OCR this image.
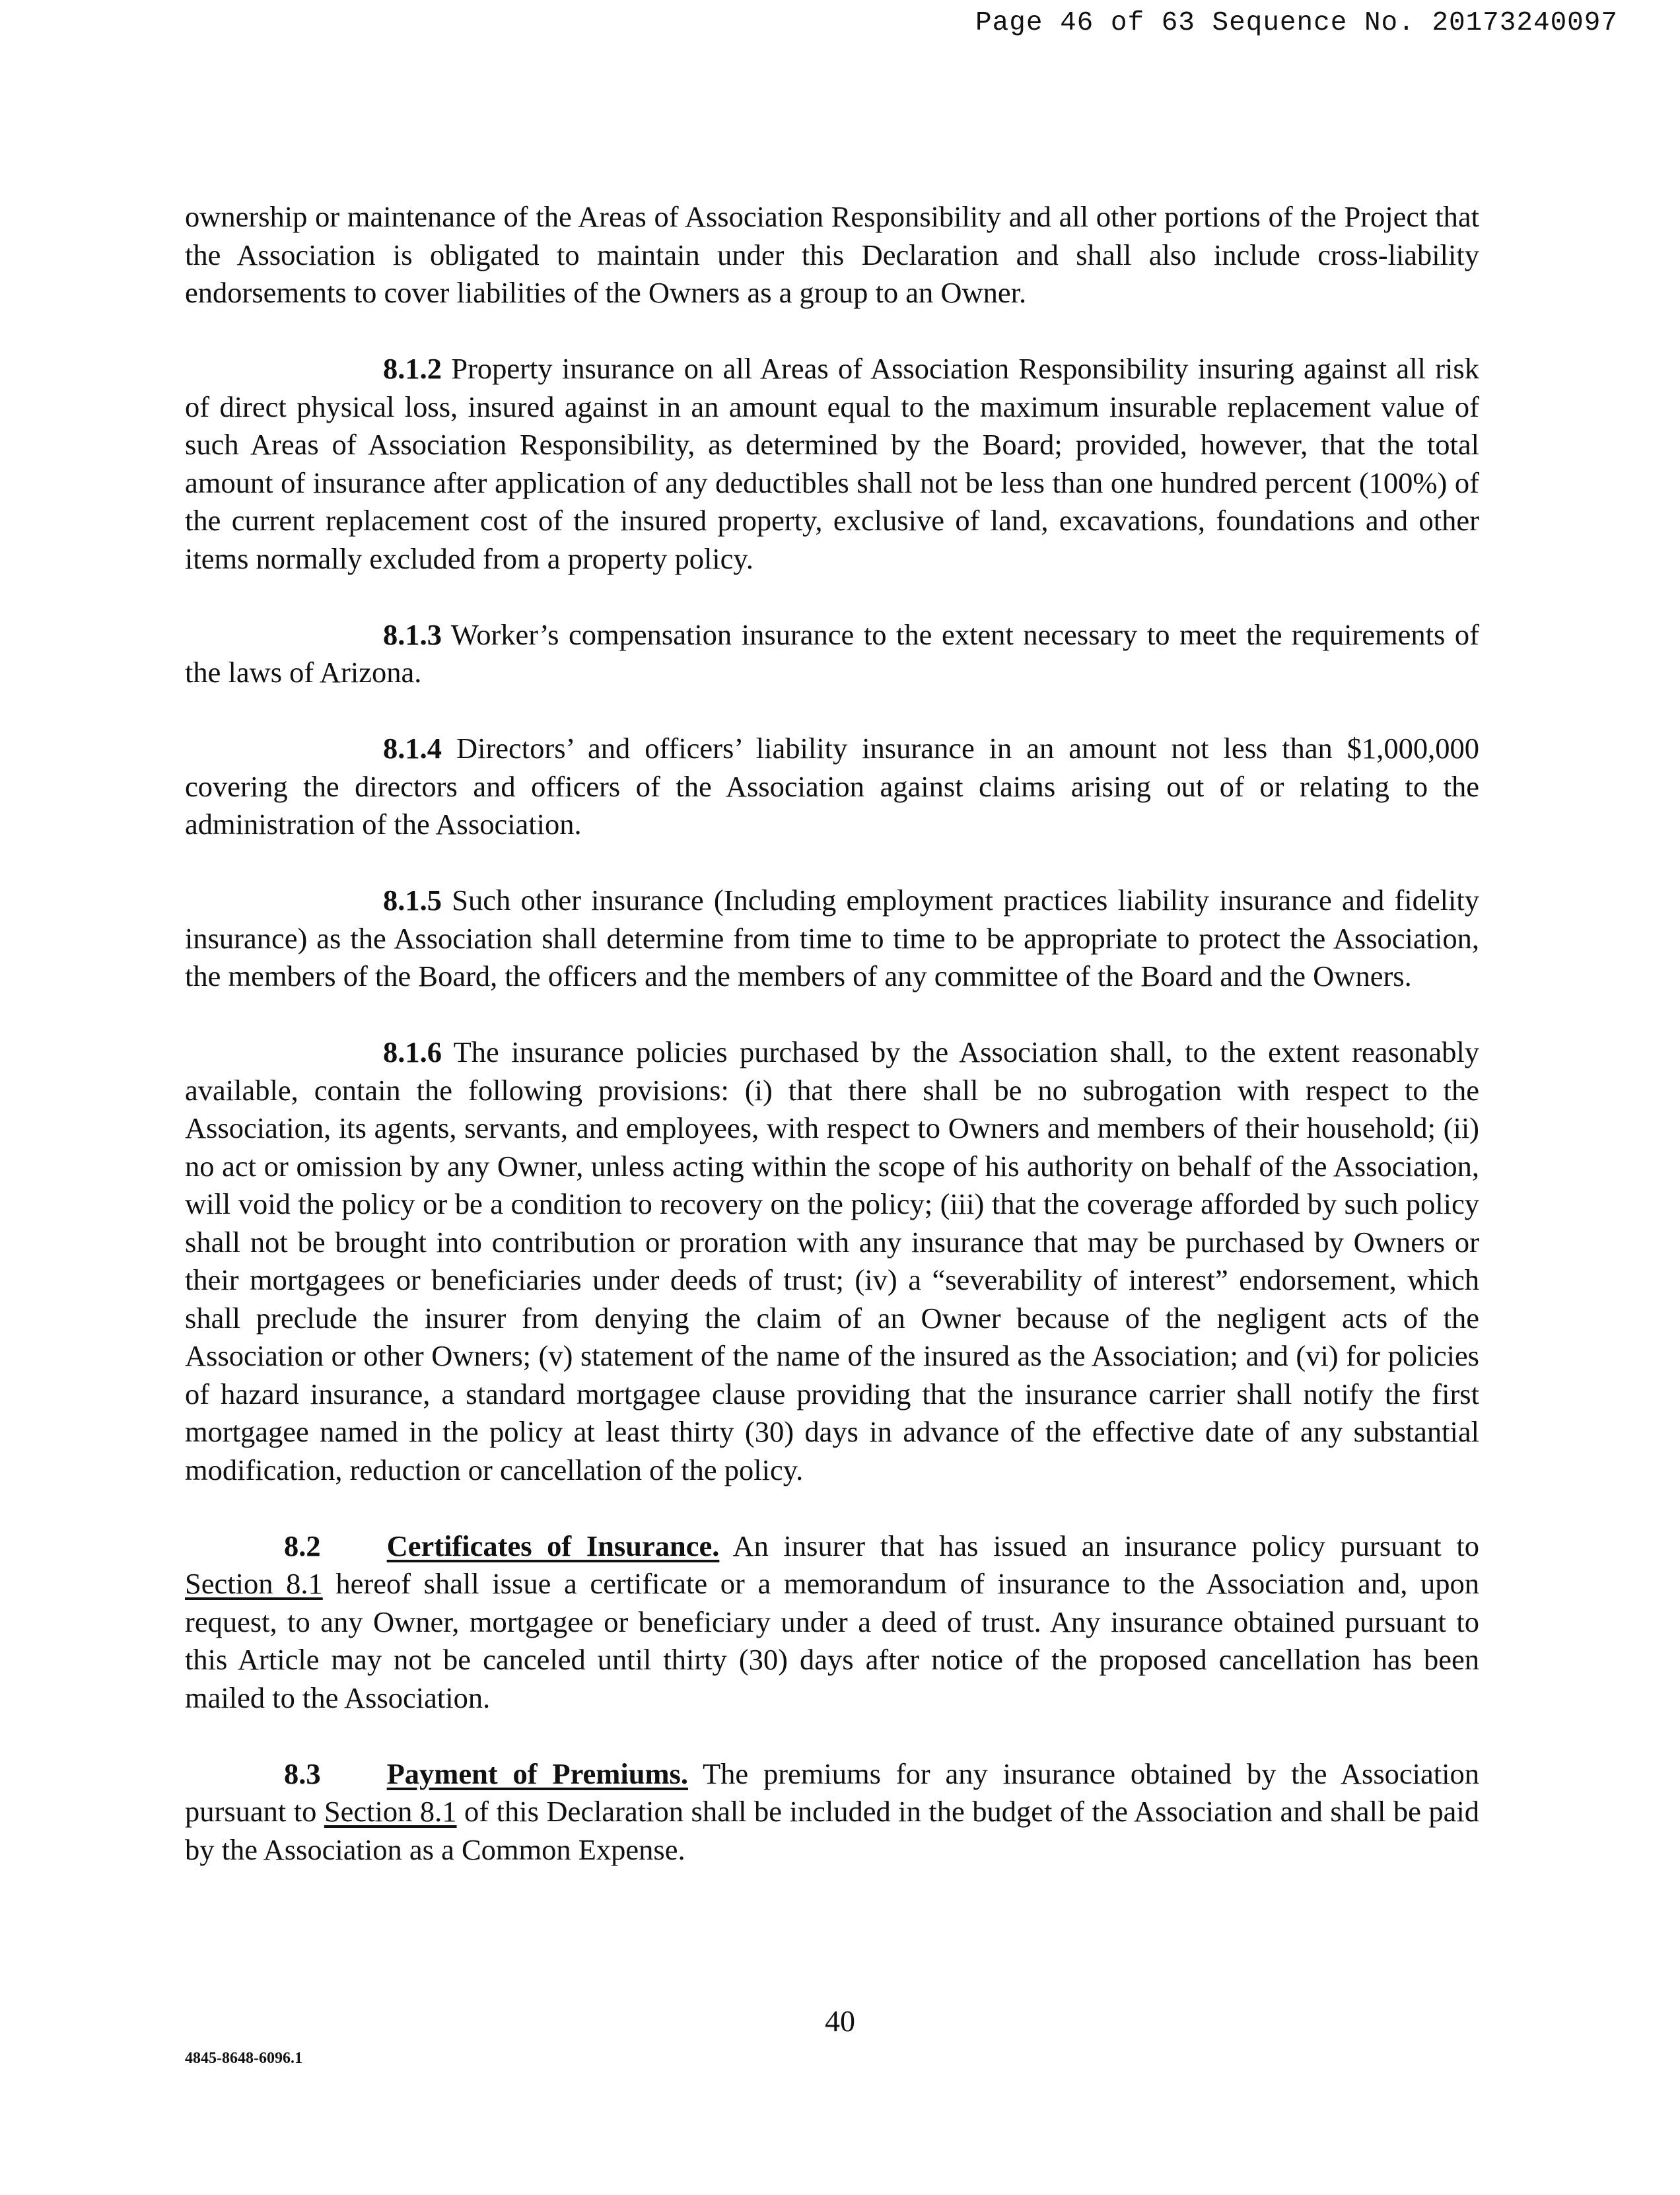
Page 46 of 63 Sequence No. 20173240097

ownership or maintenance of the Areas of Association Responsibility and all other portions of the Project that the Association is obligated to maintain under this Declaration and shall also include cross-liability endorsements to cover liabilities of the Owners as a group to an Owner.

8.1.2 Property insurance on all Areas of Association Responsibility insuring against all risk of direct physical loss, insured against in an amount equal to the maximum insurable replacement value of such Areas of Association Responsibility, as determined by the Board; provided, however, that the total amount of insurance after application of any deductibles shall not be less than one hundred percent (100%) of the current replacement cost of the insured property, exclusive of land, excavations, foundations and other items normally excluded from a property policy.

8.1.3 Worker’s compensation insurance to the extent necessary to meet the requirements of the laws of Arizona.

8.1.4 Directors’ and officers’ liability insurance in an amount not less than $1,000,000 covering the directors and officers of the Association against claims arising out of or relating to the administration of the Association.

8.1.5 Such other insurance (Including employment practices liability insurance and fidelity insurance) as the Association shall determine from time to time to be appropriate to protect the Association, the members of the Board, the officers and the members of any committee of the Board and the Owners.

8.1.6 The insurance policies purchased by the Association shall, to the extent reasonably available, contain the following provisions: (i) that there shall be no subrogation with respect to the Association, its agents, servants, and employees, with respect to Owners and members of their household; (ii) no act or omission by any Owner, unless acting within the scope of his authority on behalf of the Association, will void the policy or be a condition to recovery on the policy; (iii) that the coverage afforded by such policy shall not be brought into contribution or proration with any insurance that may be purchased by Owners or their mortgagees or beneficiaries under deeds of trust; (iv) a “severability of interest” endorsement, which shall preclude the insurer from denying the claim of an Owner because of the negligent acts of the Association or other Owners; (v) statement of the name of the insured as the Association; and (vi) for policies of hazard insurance, a standard mortgagee clause providing that the insurance carrier shall notify the first mortgagee named in the policy at least thirty (30) days in advance of the effective date of any substantial modification, reduction or cancellation of the policy.

8.2 Certificates of Insurance. An insurer that has issued an insurance policy pursuant to Section 8.1 hereof shall issue a certificate or a memorandum of insurance to the Association and, upon request, to any Owner, mortgagee or beneficiary under a deed of trust. Any insurance obtained pursuant to this Article may not be canceled until thirty (30) days after notice of the proposed cancellation has been mailed to the Association.

8.3 Payment of Premiums. The premiums for any insurance obtained by the Association pursuant to Section 8.1 of this Declaration shall be included in the budget of the Association and shall be paid by the Association as a Common Expense.

40
4845-8648-6096.1
